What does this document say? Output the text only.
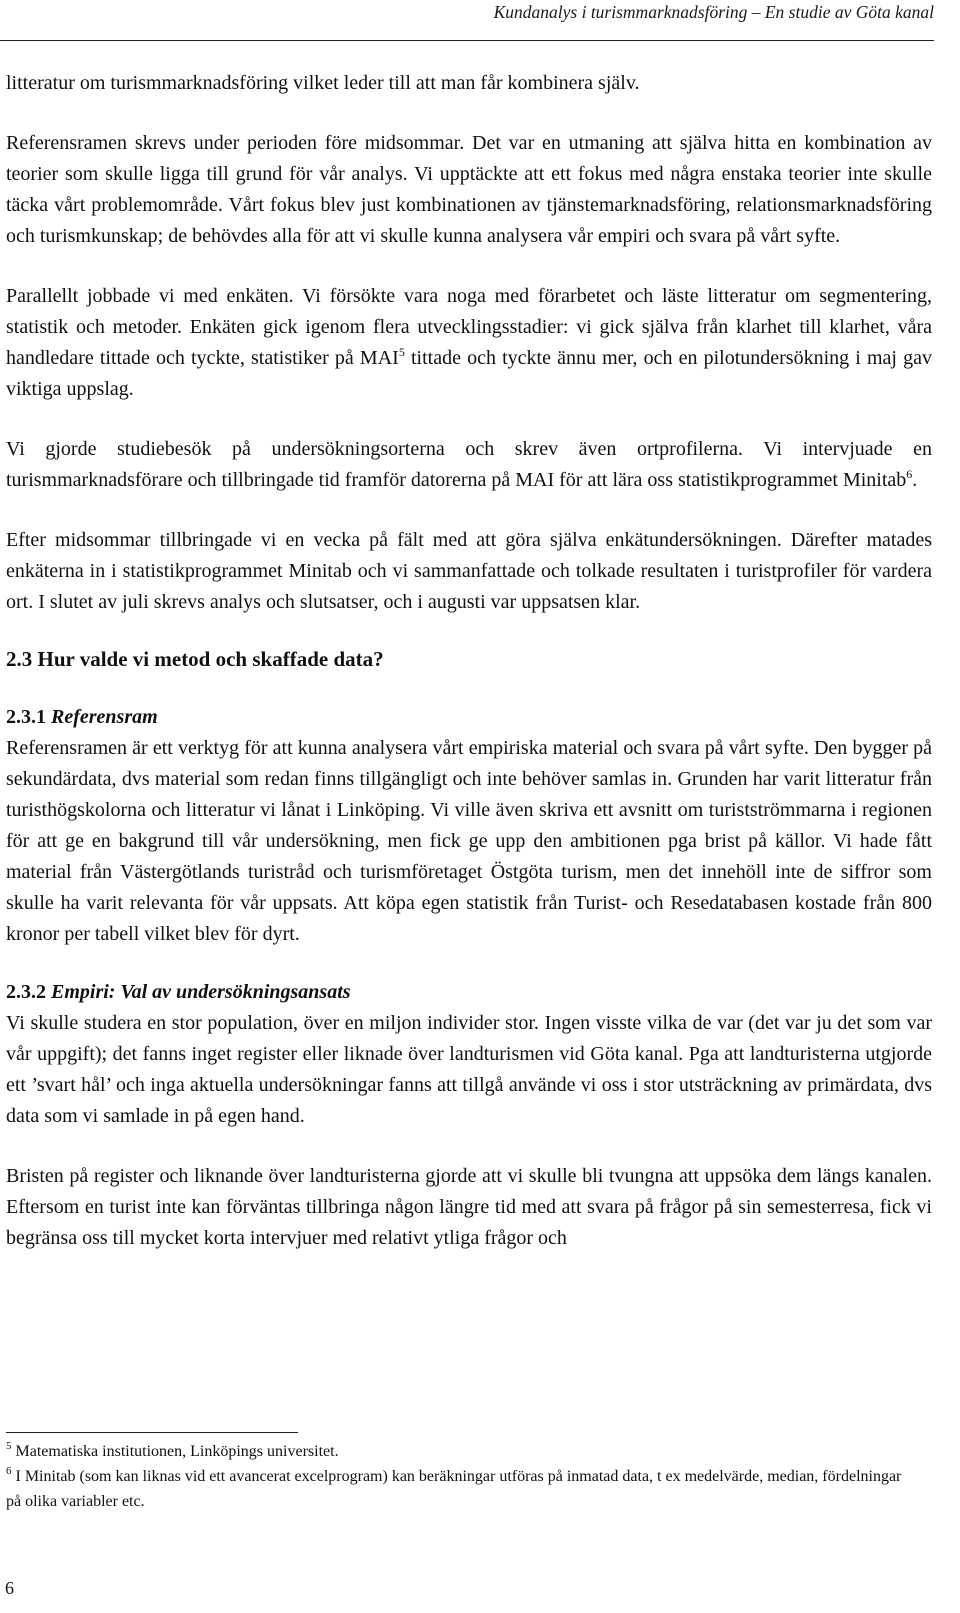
Kundanalys i turismmarknadsföring – En studie av Göta kanal

litteratur om turismmarknadsföring vilket leder till att man får kombinera själv.

Referensramen skrevs under perioden före midsommar. Det var en utmaning att själva hitta en kombination av teorier som skulle ligga till grund för vår analys. Vi upptäckte att ett fokus med några enstaka teorier inte skulle täcka vårt problemområde. Vårt fokus blev just kombinationen av tjänstemarknadsföring, relationsmarknadsföring och turismkunskap; de behövdes alla för att vi skulle kunna analysera vår empiri och svara på vårt syfte.

Parallellt jobbade vi med enkäten. Vi försökte vara noga med förarbetet och läste litteratur om segmentering, statistik och metoder. Enkäten gick igenom flera utvecklingsstadier: vi gick själva från klarhet till klarhet, våra handledare tittade och tyckte, statistiker på MAI$^5$ tittade och tyckte ännu mer, och en pilotundersökning i maj gav viktiga uppslag.

Vi gjorde studiebesök på undersökningsorterna och skrev även ortprofilerna. Vi intervjuade en turismmarknadsförare och tillbringade tid framför datorerna på MAI för att lära oss statistikprogrammet Minitab$^6$.

Efter midsommar tillbringade vi en vecka på fält med att göra själva enkätundersökningen. Därefter matades enkäterna in i statistikprogrammet Minitab och vi sammanfattade och tolkade resultaten i turistprofiler för vardera ort. I slutet av juli skrevs analys och slutsatser, och i augusti var uppsatsen klar.

2.3 Hur valde vi metod och skaffade data?
2.3.1 Referensram

Referensramen är ett verktyg för att kunna analysera vårt empiriska material och svara på vårt syfte. Den bygger på sekundärdata, dvs material som redan finns tillgängligt och inte behöver samlas in. Grunden har varit litteratur från turisthögskolorna och litteratur vi lånat i Linköping. Vi ville även skriva ett avsnitt om turistströmmarna i regionen för att ge en bakgrund till vår undersökning, men fick ge upp den ambitionen pga brist på källor. Vi hade fått material från Västergötlands turistråd och turismföretaget Östgöta turism, men det innehöll inte de siffror som skulle ha varit relevanta för vår uppsats. Att köpa egen statistik från Turist- och Resedatabasen kostade från 800 kronor per tabell vilket blev för dyrt.

2.3.2 Empiri: Val av undersökningsansats

Vi skulle studera en stor population, över en miljon individer stor. Ingen visste vilka de var (det var ju det som var vår uppgift); det fanns inget register eller liknade över landturismen vid Göta kanal. Pga att landturisterna utgjorde ett ’svart hål’ och inga aktuella undersökningar fanns att tillgå använde vi oss i stor utsträckning av primärdata, dvs data som vi samlade in på egen hand.

Bristen på register och liknande över landturisterna gjorde att vi skulle bli tvungna att uppsöka dem längs kanalen. Eftersom en turist inte kan förväntas tillbringa någon längre tid med att svara på frågor på sin semesterresa, fick vi begränsa oss till mycket korta intervjuer med relativt ytliga frågor och

$^5$ Matematiska institutionen, Linköpings universitet.

$^6$ I Minitab (som kan liknas vid ett avancerat excelprogram) kan beräkningar utföras på inmatad data, t ex medelvärde, median, fördelningar på olika variabler etc.

6
